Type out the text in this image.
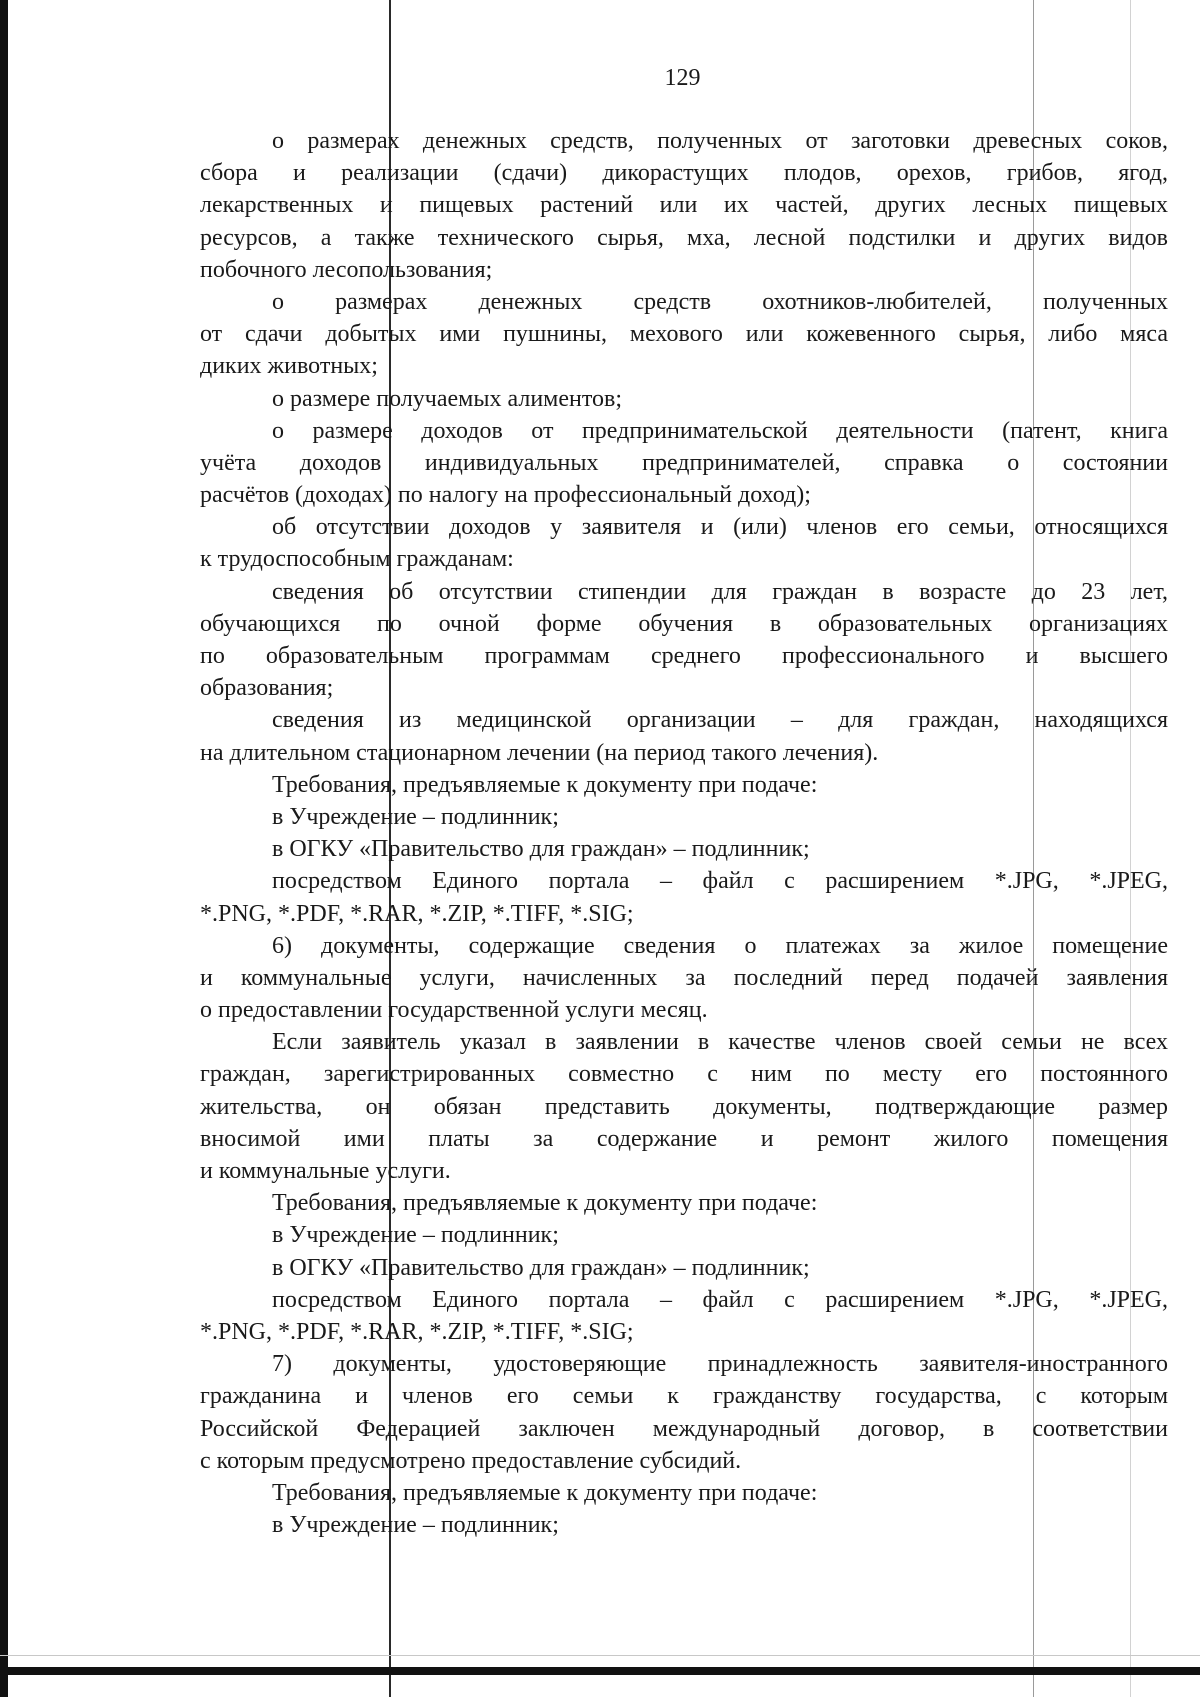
129
о размерах денежных средств, полученных от заготовки древесных соков,
сбора и реализации (сдачи) дикорастущих плодов, орехов, грибов, ягод,
лекарственных и пищевых растений или их частей, других лесных пищевых
ресурсов, а также технического сырья, мха, лесной подстилки и других видов
побочного лесопользования;
о размерах денежных средств охотников-любителей, полученных
от сдачи добытых ими пушнины, мехового или кожевенного сырья, либо мяса
диких животных;
о размере получаемых алиментов;
о размере доходов от предпринимательской деятельности (патент, книга
учёта доходов индивидуальных предпринимателей, справка о состоянии
расчётов (доходах) по налогу на профессиональный доход);
об отсутствии доходов у заявителя и (или) членов его семьи, относящихся
к трудоспособным гражданам:
сведения об отсутствии стипендии для граждан в возрасте до 23 лет,
обучающихся по очной форме обучения в образовательных организациях
по образовательным программам среднего профессионального и высшего
образования;
сведения из медицинской организации – для граждан, находящихся
на длительном стационарном лечении (на период такого лечения).
Требования, предъявляемые к документу при подаче:
в Учреждение – подлинник;
в ОГКУ «Правительство для граждан» – подлинник;
посредством Единого портала – файл с расширением *.JPG, *.JPEG,
*.PNG, *.PDF, *.RAR, *.ZIP, *.TIFF, *.SIG;
6) документы, содержащие сведения о платежах за жилое помещение
и коммунальные услуги, начисленных за последний перед подачей заявления
о предоставлении государственной услуги месяц.
Если заявитель указал в заявлении в качестве членов своей семьи не всех
граждан, зарегистрированных совместно с ним по месту его постоянного
жительства, он обязан представить документы, подтверждающие размер
вносимой ими платы за содержание и ремонт жилого помещения
и коммунальные услуги.
Требования, предъявляемые к документу при подаче:
в Учреждение – подлинник;
в ОГКУ «Правительство для граждан» – подлинник;
посредством Единого портала – файл с расширением *.JPG, *.JPEG,
*.PNG, *.PDF, *.RAR, *.ZIP, *.TIFF, *.SIG;
7) документы, удостоверяющие принадлежность заявителя-иностранного
гражданина и членов его семьи к гражданству государства, с которым
Российской Федерацией заключен международный договор, в соответствии
с которым предусмотрено предоставление субсидий.
Требования, предъявляемые к документу при подаче:
в Учреждение – подлинник;
